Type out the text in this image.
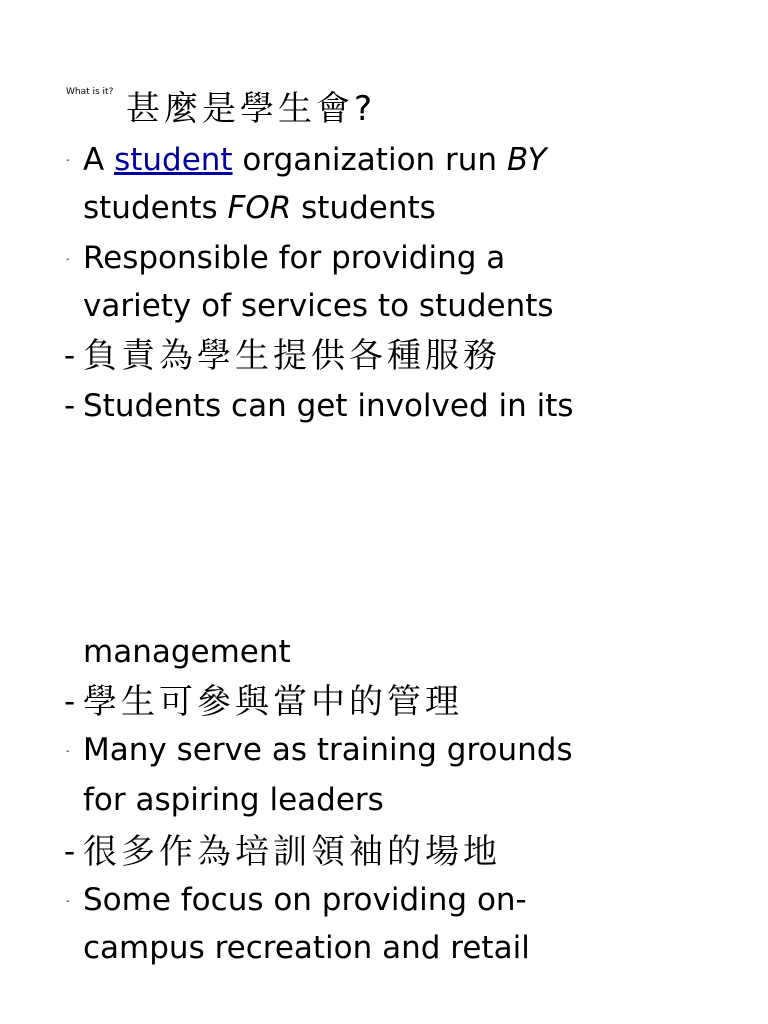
What is it? 甚麼是學生會?
- A student organization run BY
students FOR students
- Responsible for providing a
variety of services to students
- 負責為學生提供各種服務
- Students can get involved in its
management
- 學生可參與當中的管理
- Many serve as training grounds
for aspiring leaders
- 很多作為培訓領袖的場地
- Some focus on providing on-
campus recreation and retail
